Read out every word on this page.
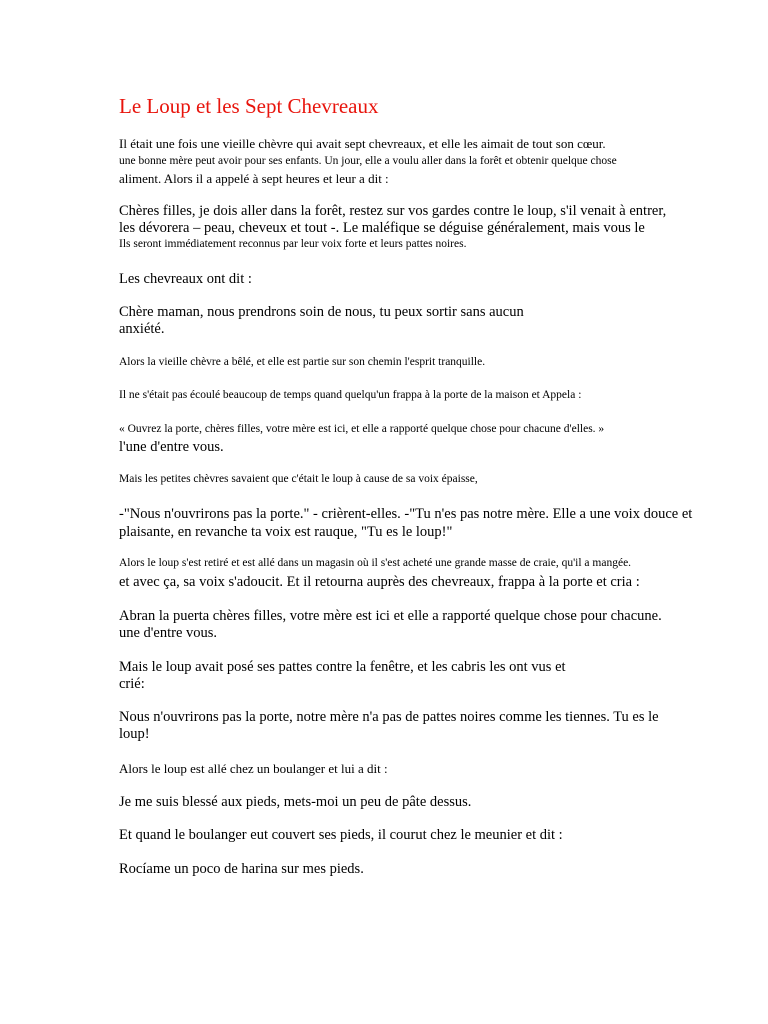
Le Loup et les Sept Chevreaux

Il était une fois une vieille chèvre qui avait sept chevreaux, et elle les aimait de tout son cœur.

une bonne mère peut avoir pour ses enfants. Un jour, elle a voulu aller dans la forêt et obtenir quelque chose

aliment. Alors il a appelé à sept heures et leur a dit :

Chères filles, je dois aller dans la forêt, restez sur vos gardes contre le loup, s'il venait à entrer,

les dévorera – peau, cheveux et tout -. Le maléfique se déguise généralement, mais vous le

Ils seront immédiatement reconnus par leur voix forte et leurs pattes noires.

Les chevreaux ont dit :

Chère maman, nous prendrons soin de nous, tu peux sortir sans aucun

anxiété.

Alors la vieille chèvre a bêlé, et elle est partie sur son chemin l'esprit tranquille.

Il ne s'était pas écoulé beaucoup de temps quand quelqu'un frappa à la porte de la maison et Appela :

« Ouvrez la porte, chères filles, votre mère est ici, et elle a rapporté quelque chose pour chacune d'elles. »

l'une d'entre vous.

Mais les petites chèvres savaient que c'était le loup à cause de sa voix épaisse,

-"Nous n'ouvrirons pas la porte." - crièrent-elles. -"Tu n'es pas notre mère. Elle a une voix douce et

plaisante, en revanche ta voix est rauque, "Tu es le loup!"

Alors le loup s'est retiré et est allé dans un magasin où il s'est acheté une grande masse de craie, qu'il a mangée.

et avec ça, sa voix s'adoucit. Et il retourna auprès des chevreaux, frappa à la porte et cria :

Abran la puerta chères filles, votre mère est ici et elle a rapporté quelque chose pour chacune.

une d'entre vous.

Mais le loup avait posé ses pattes contre la fenêtre, et les cabris les ont vus et

crié:

Nous n'ouvrirons pas la porte, notre mère n'a pas de pattes noires comme les tiennes. Tu es le

loup!

Alors le loup est allé chez un boulanger et lui a dit :

Je me suis blessé aux pieds, mets-moi un peu de pâte dessus.

Et quand le boulanger eut couvert ses pieds, il courut chez le meunier et dit :

Rocíame un poco de harina sur mes pieds.
